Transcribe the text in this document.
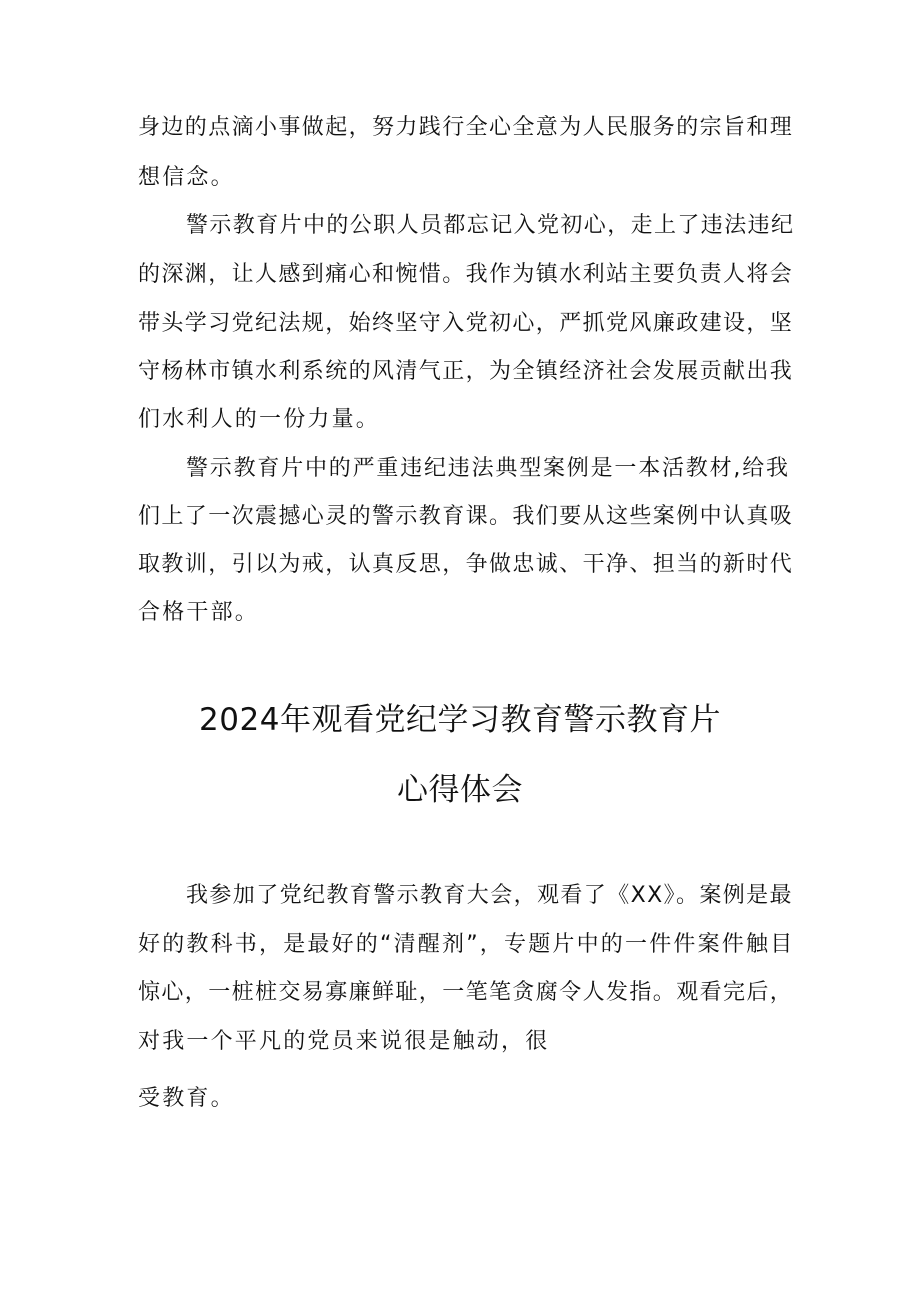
身边的点滴小事做起，努力践行全心全意为人民服务的宗旨和理
想信念。
警示教育片中的公职人员都忘记入党初心，走上了违法违纪
的深渊，让人感到痛心和惋惜。我作为镇水利站主要负责人将会
带头学习党纪法规，始终坚守入党初心，严抓党风廉政建设，坚
守杨林市镇水利系统的风清气正，为全镇经济社会发展贡献出我
们水利人的一份力量。
警示教育片中的严重违纪违法典型案例是一本活教材,给我
们上了一次震撼心灵的警示教育课。我们要从这些案例中认真吸
取教训，引以为戒，认真反思，争做忠诚、干净、担当的新时代
合格干部。
2024年观看党纪学习教育警示教育片
心得体会
我参加了党纪教育警示教育大会，观看了《XX》。案例是最
好的教科书，是最好的“清醒剂”，专题片中的一件件案件触目
惊心，一桩桩交易寡廉鲜耻，一笔笔贪腐令人发指。观看完后，
对我一个平凡的党员来说很是触动，很
受教育。
